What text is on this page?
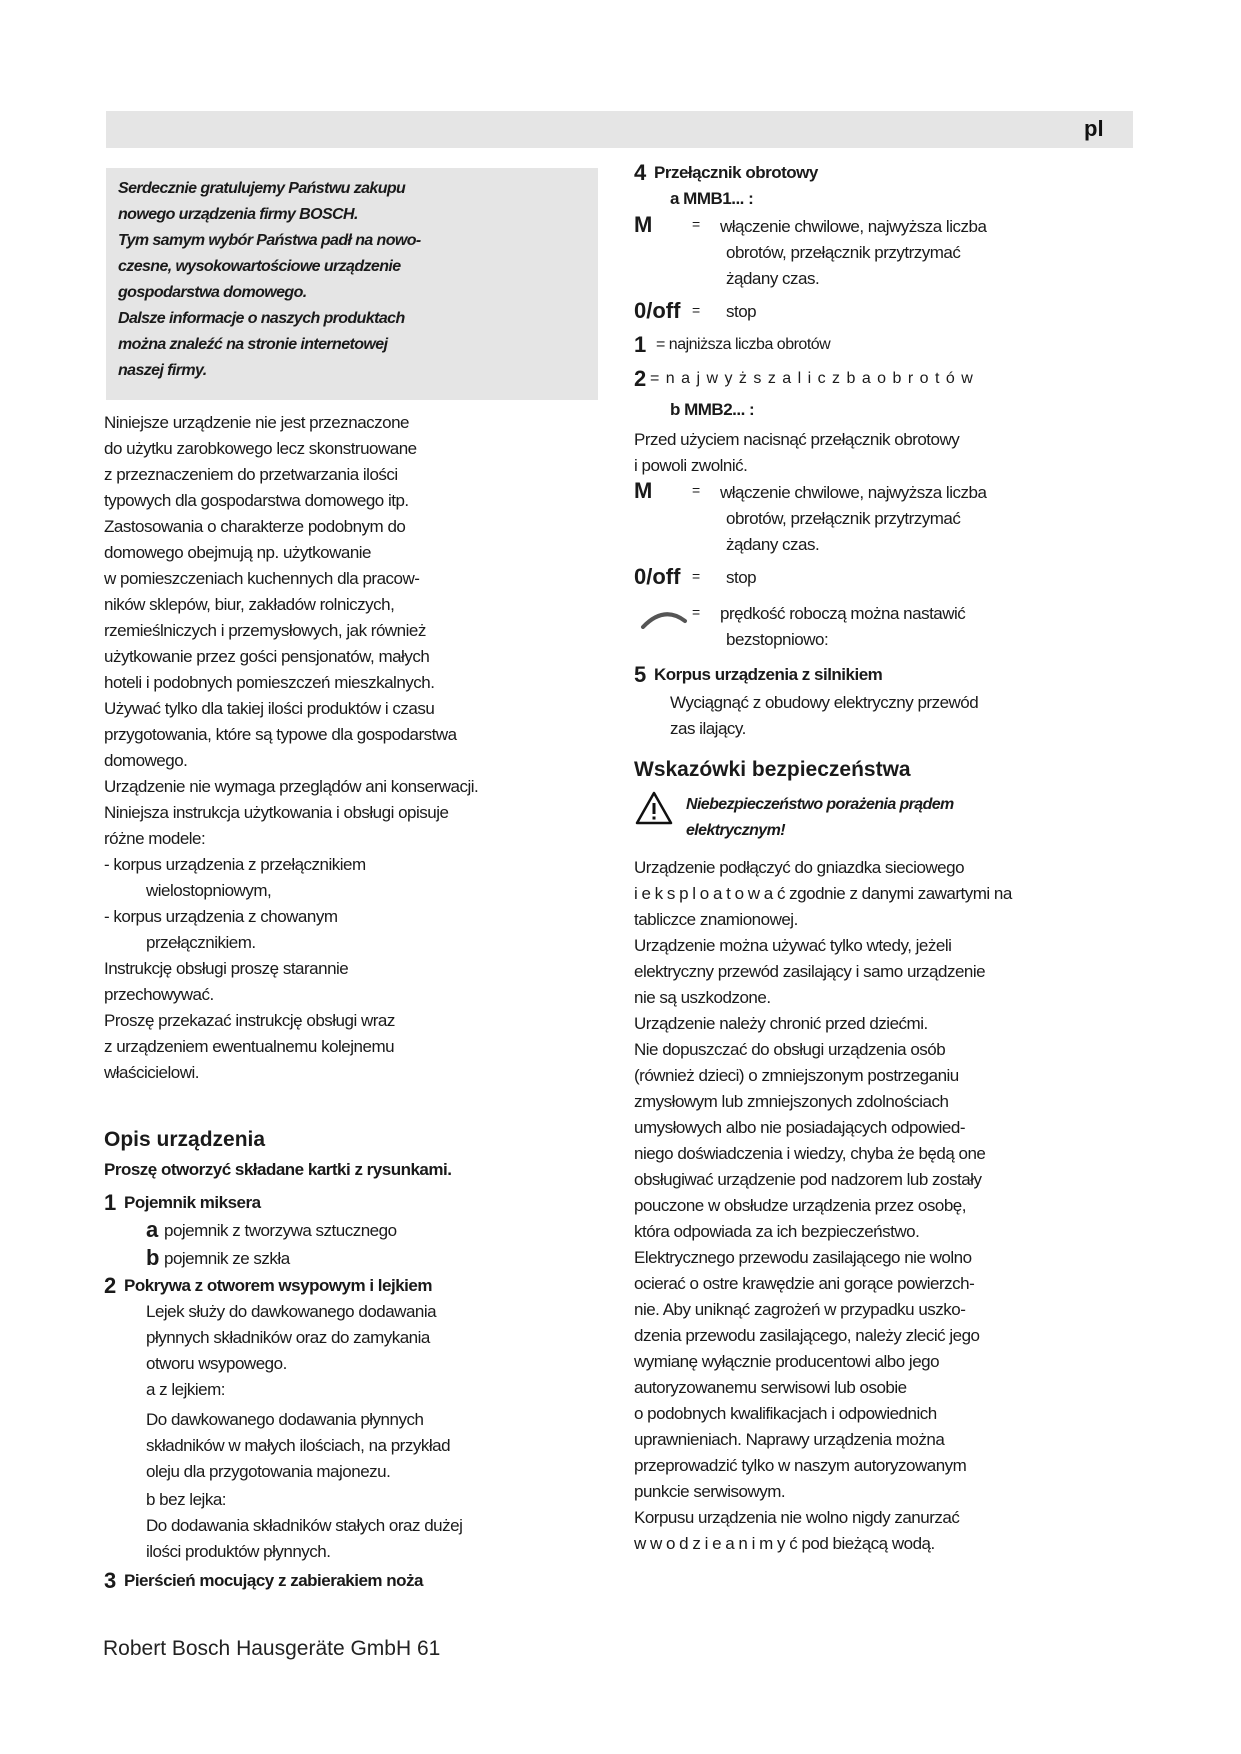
pl
Serdecznie gratulujemy Państwu zakupu
nowego urządzenia firmy BOSCH.
Tym samym wybór Państwa padł na nowo-
czesne, wysokowartościowe urządzenie
gospodarstwa domowego.
Dalsze informacje o naszych produktach
można znaleźć na stronie internetowej
naszej firmy.
Niniejsze urządzenie nie jest przeznaczone
do użytku zarobkowego lecz skonstruowane
z przeznaczeniem do przetwarzania ilości
typowych dla gospodarstwa domowego itp.
Zastosowania o charakterze podobnym do
domowego obejmują np. użytkowanie
w pomieszczeniach kuchennych dla pracow-
ników sklepów, biur, zakładów rolniczych,
rzemieślniczych i przemysłowych, jak również
użytkowanie przez gości pensjonatów, małych
hoteli i podobnych pomieszczeń mieszkalnych.
Używać tylko dla takiej ilości produktów i czasu
przygotowania, które są typowe dla gospodarstwa
domowego.
Urządzenie nie wymaga przeglądów ani konserwacji.
Niniejsza instrukcja użytkowania i obsługi opisuje
różne modele:
- korpus urządzenia z przełącznikiem
wielostopniowym,
- korpus urządzenia z chowanym
przełącznikiem.
Instrukcję obsługi proszę starannie
przechowywać.
Proszę przekazać instrukcję obsługi wraz
z urządzeniem ewentualnemu kolejnemu
właścicielowi.
Opis urządzenia
Proszę otworzyć składane kartki z rysunkami.
1 Pojemnik miksera
a pojemnik z tworzywa sztucznego
b pojemnik ze szkła
2 Pokrywa z otworem wsypowym i lejkiem
Lejek służy do dawkowanego dodawania
płynnych składników oraz do zamykania
otworu wsypowego.
a z lejkiem:
Do dawkowanego dodawania płynnych
składników w małych ilościach, na przykład
oleju dla przygotowania majonezu.
b bez lejka:
Do dodawania składników stałych oraz dużej
ilości produktów płynnych.
3 Pierścień mocujący z zabierakiem noża
4 Przełącznik obrotowy
a MMB1... :
M	= włączenie chwilowe, najwyższa liczba
obrotów, przełącznik przytrzymać
żądany czas.
0/off = stop
1 = najniższa liczba obrotów
2 = n a j w y ż s z a l i c z b a o b r o t ó w
b MMB2... :
Przed użyciem nacisnąć przełącznik obrotowy
i powoli zwolnić.
M	= włączenie chwilowe, najwyższa liczba
obrotów, przełącznik przytrzymać
żądany czas.
0/off = stop
= prędkość roboczą można nastawić
bezstopniowo:
5 Korpus urządzenia z silnikiem
Wyciągnąć z obudowy elektryczny przewód
zas ilający.
Wskazówki bezpieczeństwa
Niebezpieczeństwo porażenia prądem
elektrycznym!
Urządzenie podłączyć do gniazdka sieciowego
i e k s p l o a t o w a ć zgodnie z danymi zawartymi na
tabliczce znamionowej.
Urządzenie można używać tylko wtedy, jeżeli
elektryczny przewód zasilający i samo urządzenie
nie są uszkodzone.
Urządzenie należy chronić przed dziećmi.
Nie dopuszczać do obsługi urządzenia osób
(również dzieci) o zmniejszonym postrzeganiu
zmysłowym lub zmniejszonych zdolnościach
umysłowych albo nie posiadających odpowied-
niego doświadczenia i wiedzy, chyba że będą one
obsługiwać urządzenie pod nadzorem lub zostały
pouczone w obsłudze urządzenia przez osobę,
która odpowiada za ich bezpieczeństwo.
Elektrycznego przewodu zasilającego nie wolno
ocierać o ostre krawędzie ani gorące powierzch-
nie. Aby uniknąć zagrożeń w przypadku uszko-
dzenia przewodu zasilającego, należy zlecić jego
wymianę wyłącznie producentowi albo jego
autoryzowanemu serwisowi lub osobie
o podobnych kwalifikacjach i odpowiednich
uprawnieniach. Naprawy urządzenia można
przeprowadzić tylko w naszym autoryzowanym
punkcie serwisowym.
Korpusu urządzenia nie wolno nigdy zanurzać
w w o d z i e a n i m y ć pod bieżącą wodą.
Robert Bosch Hausgeräte GmbH 61
